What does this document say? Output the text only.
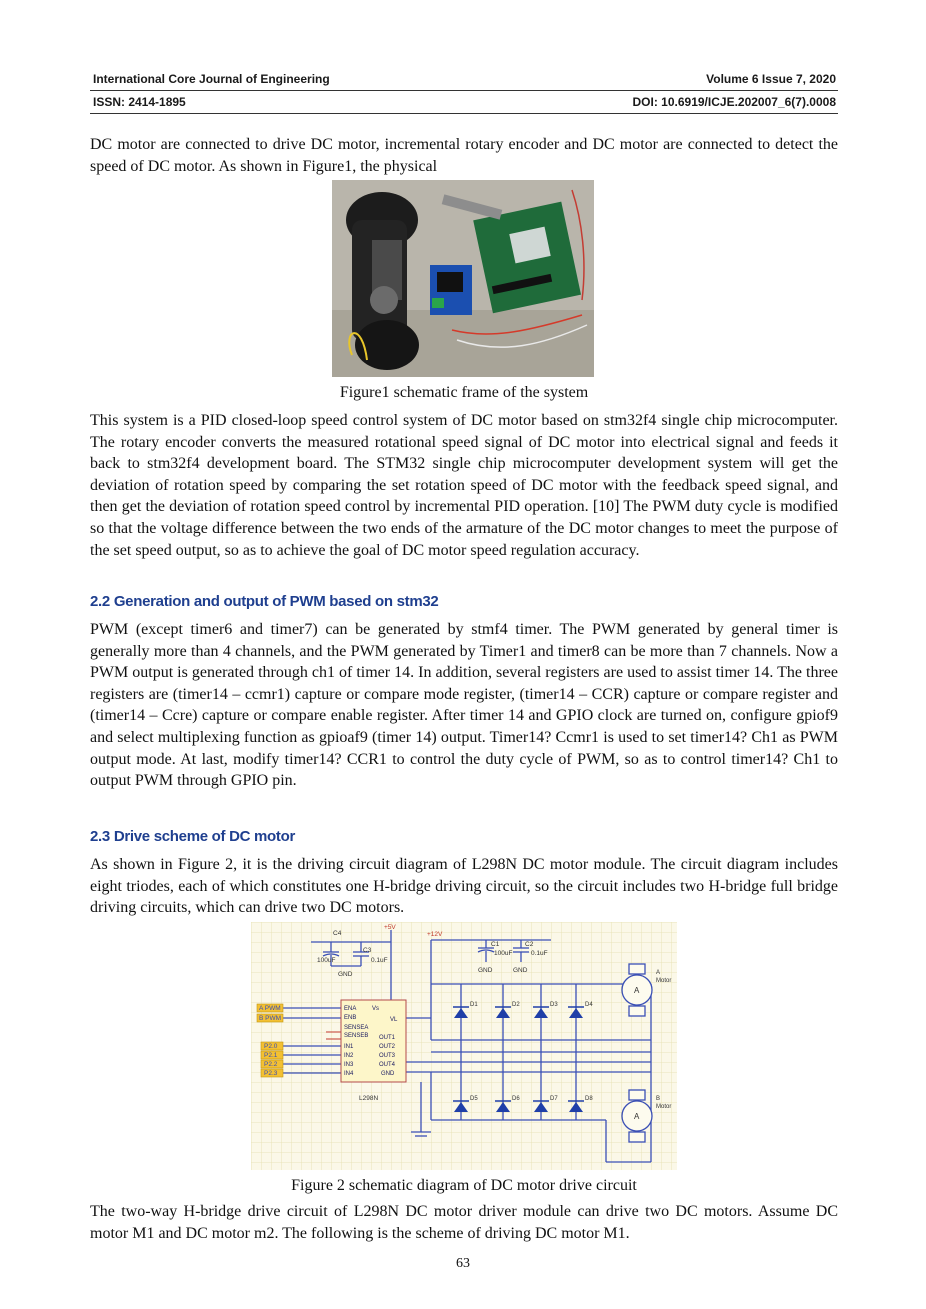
International Core Journal of Engineering	Volume 6 Issue 7, 2020
ISSN: 2414-1895	DOI: 10.6919/ICJE.202007_6(7).0008

DC motor are connected to drive DC motor, incremental rotary encoder and DC motor are connected to detect the speed of DC motor. As shown in Figure1, the physical

Figure1 schematic frame of the system

This system is a PID closed-loop speed control system of DC motor based on stm32f4 single chip microcomputer. The rotary encoder converts the measured rotational speed signal of DC motor into electrical signal and feeds it back to stm32f4 development board. The STM32 single chip microcomputer development system will get the deviation of rotation speed by comparing the set rotation speed of DC motor with the feedback speed signal, and then get the deviation of rotation speed control by incremental PID operation. [10] The PWM duty cycle is modified so that the voltage difference between the two ends of the armature of the DC motor changes to meet the purpose of the set speed output, so as to achieve the goal of DC motor speed regulation accuracy.

2.2 Generation and output of PWM based on stm32

PWM (except timer6 and timer7) can be generated by stmf4 timer. The PWM generated by general timer is generally more than 4 channels, and the PWM generated by Timer1 and timer8 can be more than 7 channels. Now a PWM output is generated through ch1 of timer 14. In addition, several registers are used to assist timer 14. The three registers are (timer14 – ccmr1) capture or compare mode register, (timer14 – CCR) capture or compare register and (timer14 – Ccre) capture or compare enable register. After timer 14 and GPIO clock are turned on, configure gpiof9 and select multiplexing function as gpioaf9 (timer 14) output. Timer14? Ccmr1 is used to set timer14? Ch1 as PWM output mode. At last, modify timer14? CCR1 to control the duty cycle of PWM, so as to control timer14? Ch1 to output PWM through GPIO pin.

2.3 Drive scheme of DC motor

As shown in Figure 2, it is the driving circuit diagram of L298N DC motor module. The circuit diagram includes eight triodes, each of which constitutes one H-bridge driving circuit, so the circuit includes two H-bridge full bridge driving circuits, which can drive two DC motors.

C4
C3
0.1uF
100uF
C1	C2
100uF	0.1uF
GND
GND	GND
+5V
+12V
A PWM
B PWM
P2.0
P2.1
P2.2
P2.3
ENA
ENB
SENSEA
SENSEB
IN1
IN2
IN3
IN4
Vs
VL
OUT1
OUT2
OUT3
OUT4
GND
L298N
D1	D2	D3	D4
D5	D6	D7	D8
A
A
A
Motor
B
Motor
Figure 2 schematic diagram of DC motor drive circuit

The two-way H-bridge drive circuit of L298N DC motor driver module can drive two DC motors. Assume DC motor M1 and DC motor m2. The following is the scheme of driving DC motor M1.

63
